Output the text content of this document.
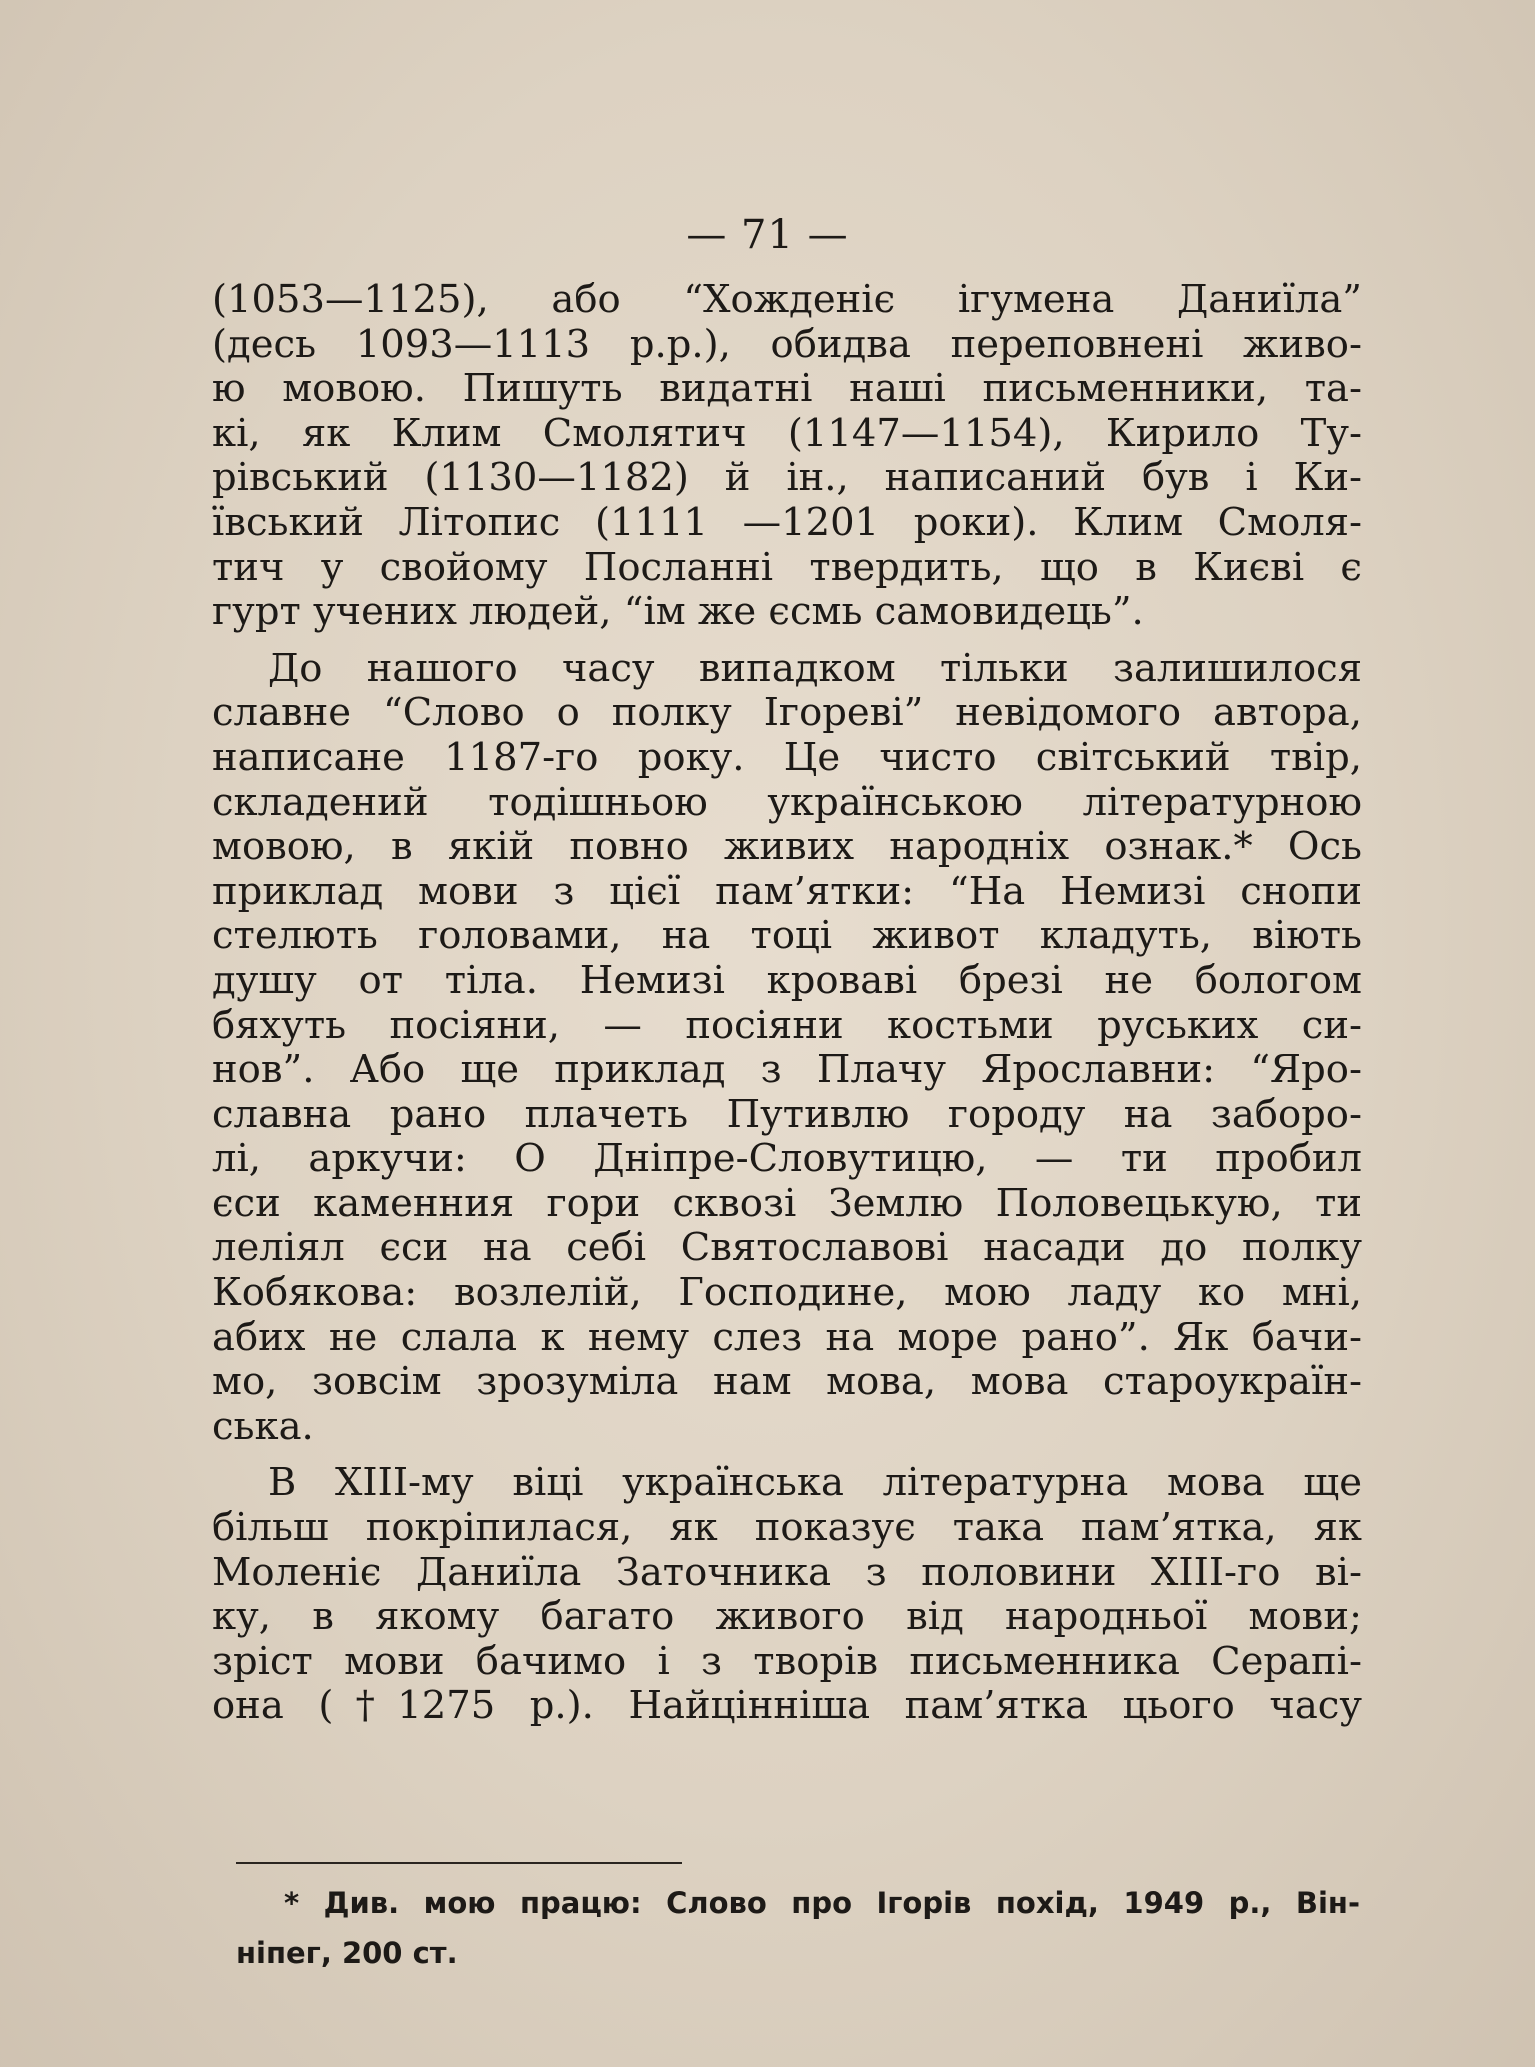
— 71 —
(1053—1125), або “Хожденіє ігумена Даниїла”
(десь 1093—1113 р.р.), обидва переповнені живо-
ю мовою. Пишуть видатні наші письменники, та-
кі, як Клим Смолятич (1147—1154), Кирило Ту-
рівський (1130—1182) й ін., написаний був і Ки-
ївський Літопис (1111 —1201 роки). Клим Смоля-
тич у свойому Посланні твердить, що в Києві є
гурт учених людей, “ім же єсмь самовидець”.
До нашого часу випадком тільки залишилося
славне “Слово о полку Ігореві” невідомого автора,
написане 1187-го року. Це чисто світський твір,
складений тодішньою українською літературною
мовою, в якій повно живих народніх ознак.* Ось
приклад мови з цієї пам’ятки: “На Немизі снопи
стелють головами, на тоці живот кладуть, віють
душу от тіла. Немизі кроваві брезі не бологом
бяхуть посіяни, — посіяни костьми руських си-
нов”. Або ще приклад з Плачу Ярославни: “Яро-
славна рано плачеть Путивлю городу на заборо-
лі, аркучи: О Дніпре-Словутицю, — ти пробил
єси каменния гори сквозі Землю Половецькую, ти
леліял єси на себі Святославові насади до полку
Кобякова: возлелій, Господине, мою ладу ко мні,
абих не слала к нему слез на море рано”. Як бачи-
мо, зовсім зрозуміла нам мова, мова староукраїн-
ська.
В XIII-му віці українська літературна мова ще
більш покріпилася, як показує така пам’ятка, як
Моленіє Даниїла Заточника з половини XIII-го ві-
ку, в якому багато живого від народньої мови;
зріст мови бачимо і з творів письменника Серапі-
она (†1275 р.). Найцінніша пам’ятка цього часу
* Див. мою працю: Слово про Ігорів похід, 1949 р., Він-
ніпег, 200 ст.
